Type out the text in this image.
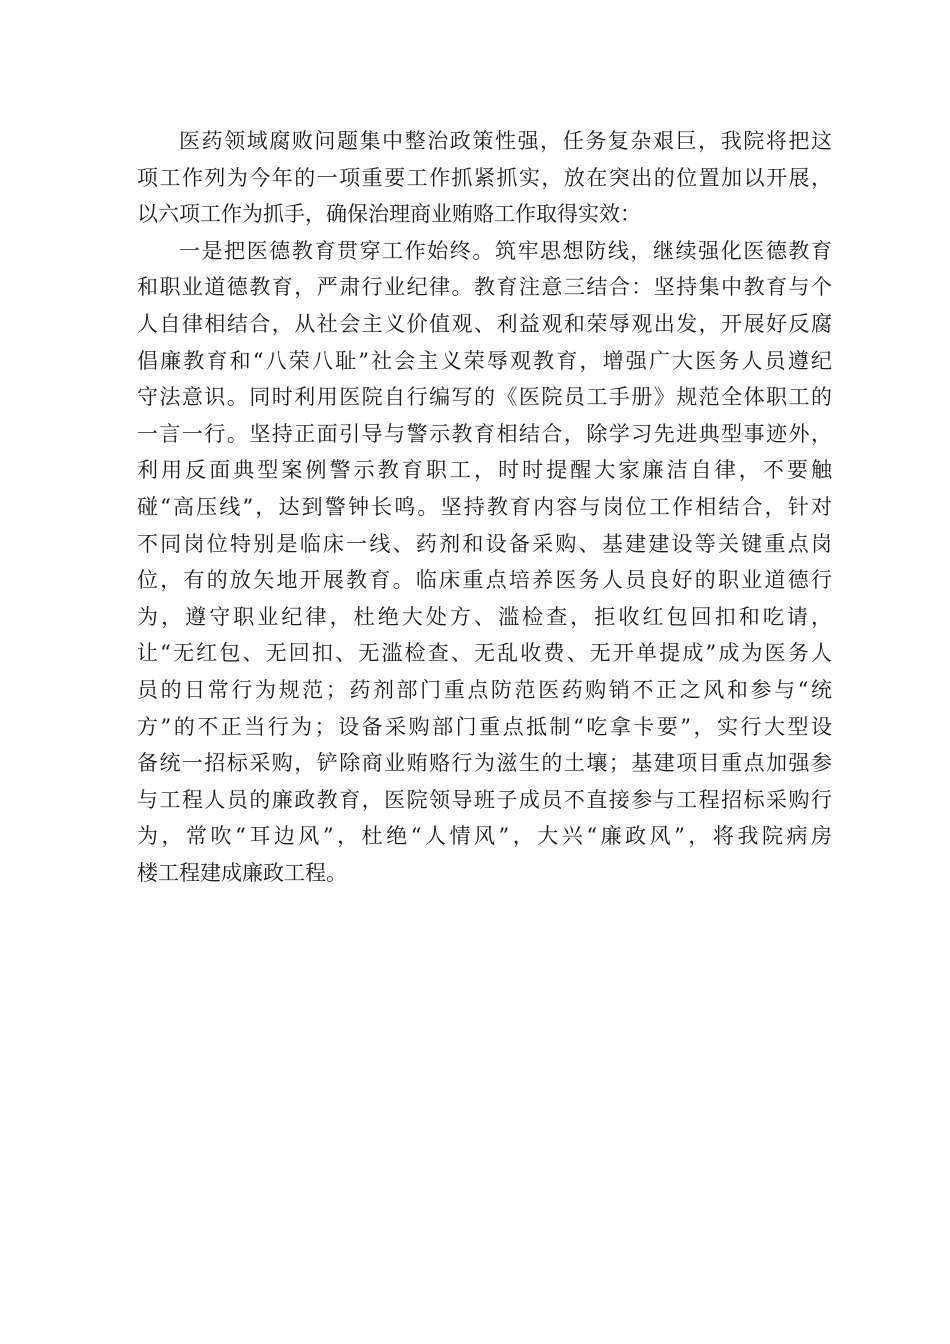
医药领域腐败问题集中整治政策性强，任务复杂艰巨，我院将把这
项工作列为今年的一项重要工作抓紧抓实，放在突出的位置加以开展，
以六项工作为抓手，确保治理商业贿赂工作取得实效：
一是把医德教育贯穿工作始终。筑牢思想防线，继续强化医德教育
和职业道德教育，严肃行业纪律。教育注意三结合：坚持集中教育与个
人自律相结合，从社会主义价值观、利益观和荣辱观出发，开展好反腐
倡廉教育和“八荣八耻”社会主义荣辱观教育，增强广大医务人员遵纪
守法意识。同时利用医院自行编写的《医院员工手册》规范全体职工的
一言一行。坚持正面引导与警示教育相结合，除学习先进典型事迹外，
利用反面典型案例警示教育职工，时时提醒大家廉洁自律，不要触
碰“高压线”，达到警钟长鸣。坚持教育内容与岗位工作相结合，针对
不同岗位特别是临床一线、药剂和设备采购、基建建设等关键重点岗
位，有的放矢地开展教育。临床重点培养医务人员良好的职业道德行
为，遵守职业纪律，杜绝大处方、滥检查，拒收红包回扣和吃请，
让“无红包、无回扣、无滥检查、无乱收费、无开单提成”成为医务人
员的日常行为规范；药剂部门重点防范医药购销不正之风和参与“统
方”的不正当行为；设备采购部门重点抵制“吃拿卡要”，实行大型设
备统一招标采购，铲除商业贿赂行为滋生的土壤；基建项目重点加强参
与工程人员的廉政教育，医院领导班子成员不直接参与工程招标采购行
为，常吹“耳边风”，杜绝“人情风”，大兴“廉政风”，将我院病房
楼工程建成廉政工程。
